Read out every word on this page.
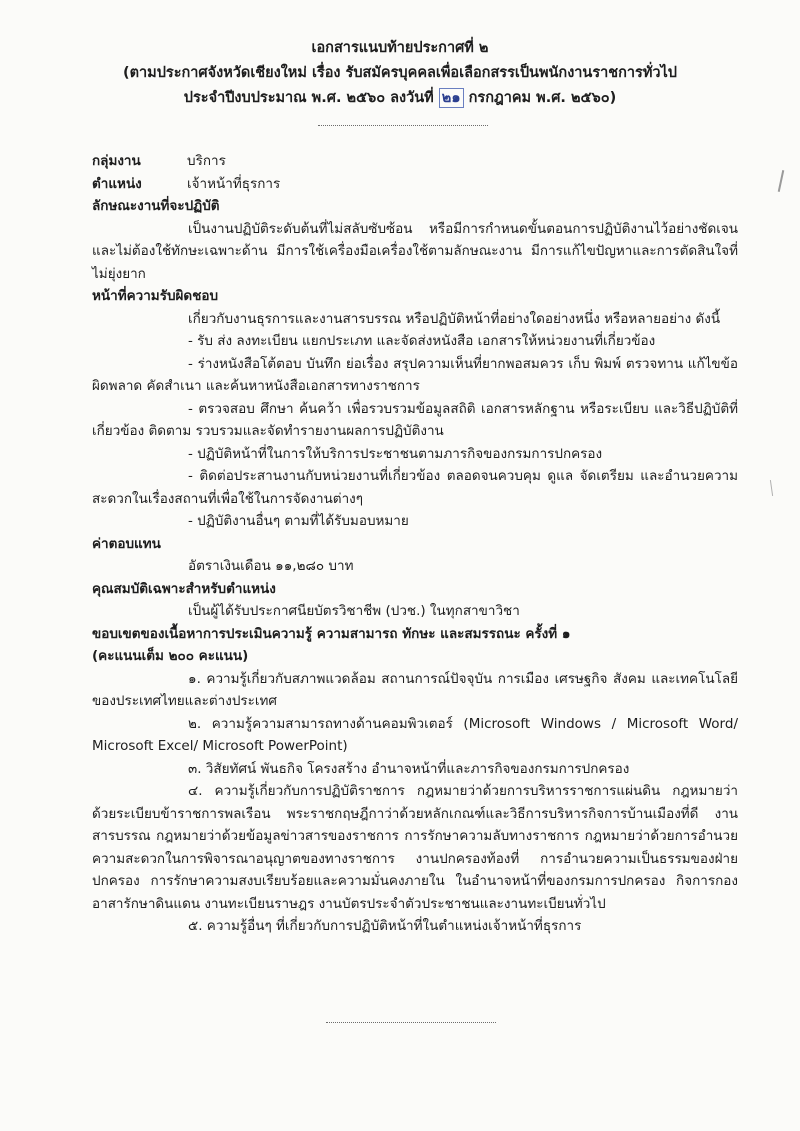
เอกสารแนบท้ายประกาศที่ ๒
(ตามประกาศจังหวัดเชียงใหม่ เรื่อง รับสมัครบุคคลเพื่อเลือกสรรเป็นพนักงานราชการทั่วไป
ประจำปีงบประมาณ พ.ศ. ๒๕๖๐ ลงวันที่ ๒๑ กรกฎาคม พ.ศ. ๒๕๖๐)
กลุ่มงาน	บริการ
ตำแหน่ง	เจ้าหน้าที่ธุรการ
ลักษณะงานที่จะปฏิบัติ
เป็นงานปฏิบัติระดับต้นที่ไม่สลับซับซ้อน หรือมีการกำหนดขั้นตอนการปฏิบัติงานไว้อย่างชัดเจน และไม่ต้องใช้ทักษะเฉพาะด้าน มีการใช้เครื่องมือเครื่องใช้ตามลักษณะงาน มีการแก้ไขปัญหาและการตัดสินใจที่ไม่ยุ่งยาก
หน้าที่ความรับผิดชอบ
เกี่ยวกับงานธุรการและงานสารบรรณ หรือปฏิบัติหน้าที่อย่างใดอย่างหนึ่ง หรือหลายอย่าง ดังนี้
- รับ ส่ง ลงทะเบียน แยกประเภท และจัดส่งหนังสือ เอกสารให้หน่วยงานที่เกี่ยวข้อง
- ร่างหนังสือโต้ตอบ บันทึก ย่อเรื่อง สรุปความเห็นที่ยากพอสมควร เก็บ พิมพ์ ตรวจทาน แก้ไขข้อผิดพลาด คัดสำเนา และค้นหาหนังสือเอกสารทางราชการ
- ตรวจสอบ ศึกษา ค้นคว้า เพื่อรวบรวมข้อมูลสถิติ เอกสารหลักฐาน หรือระเบียบ และวิธีปฏิบัติที่เกี่ยวข้อง ติดตาม รวบรวมและจัดทำรายงานผลการปฏิบัติงาน
- ปฏิบัติหน้าที่ในการให้บริการประชาชนตามภารกิจของกรมการปกครอง
- ติดต่อประสานงานกับหน่วยงานที่เกี่ยวข้อง ตลอดจนควบคุม ดูแล จัดเตรียม และอำนวยความสะดวกในเรื่องสถานที่เพื่อใช้ในการจัดงานต่างๆ
- ปฏิบัติงานอื่นๆ ตามที่ได้รับมอบหมาย
ค่าตอบแทน
อัตราเงินเดือน ๑๑,๒๘๐ บาท
คุณสมบัติเฉพาะสำหรับตำแหน่ง
เป็นผู้ได้รับประกาศนียบัตรวิชาชีพ (ปวช.) ในทุกสาขาวิชา
ขอบเขตของเนื้อหาการประเมินความรู้ ความสามารถ ทักษะ และสมรรถนะ ครั้งที่ ๑
(คะแนนเต็ม ๒๐๐ คะแนน)
๑. ความรู้เกี่ยวกับสภาพแวดล้อม สถานการณ์ปัจจุบัน การเมือง เศรษฐกิจ สังคม และเทคโนโลยีของประเทศไทยและต่างประเทศ
๒. ความรู้ความสามารถทางด้านคอมพิวเตอร์ (Microsoft Windows / Microsoft Word/ Microsoft Excel/ Microsoft PowerPoint)
๓. วิสัยทัศน์ พันธกิจ โครงสร้าง อำนาจหน้าที่และภารกิจของกรมการปกครอง
๔. ความรู้เกี่ยวกับการปฏิบัติราชการ กฎหมายว่าด้วยการบริหารราชการแผ่นดิน กฎหมายว่าด้วยระเบียบข้าราชการพลเรือน พระราชกฤษฎีกาว่าด้วยหลักเกณฑ์และวิธีการบริหารกิจการบ้านเมืองที่ดี งานสารบรรณ กฎหมายว่าด้วยข้อมูลข่าวสารของราชการ การรักษาความลับทางราชการ กฎหมายว่าด้วยการอำนวยความสะดวกในการพิจารณาอนุญาตของทางราชการ งานปกครองท้องที่ การอำนวยความเป็นธรรมของฝ่ายปกครอง การรักษาความสงบเรียบร้อยและความมั่นคงภายใน ในอำนาจหน้าที่ของกรมการปกครอง กิจการกองอาสารักษาดินแดน งานทะเบียนราษฎร งานบัตรประจำตัวประชาชนและงานทะเบียนทั่วไป
๕. ความรู้อื่นๆ ที่เกี่ยวกับการปฏิบัติหน้าที่ในตำแหน่งเจ้าหน้าที่ธุรการ
